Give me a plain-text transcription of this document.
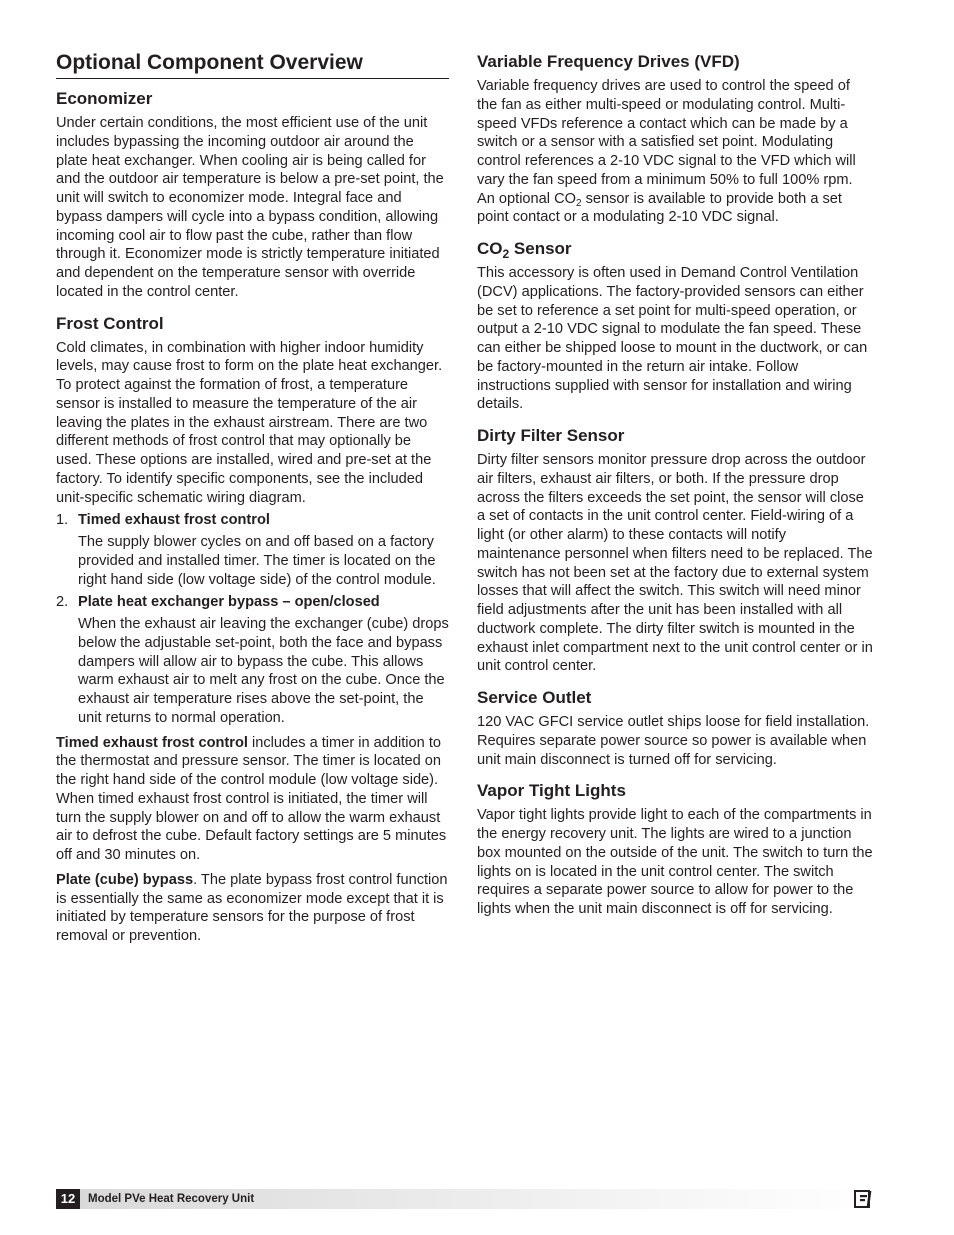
Optional Component Overview
Economizer

Under certain conditions, the most efficient use of the unit includes bypassing the incoming outdoor air around the plate heat exchanger. When cooling air is being called for and the outdoor air temperature is below a pre-set point, the unit will switch to economizer mode. Integral face and bypass dampers will cycle into a bypass condition, allowing incoming cool air to flow past the cube, rather than flow through it. Economizer mode is strictly temperature initiated and dependent on the temperature sensor with override located in the control center.

Frost Control

Cold climates, in combination with higher indoor humidity levels, may cause frost to form on the plate heat exchanger. To protect against the formation of frost, a temperature sensor is installed to measure the temperature of the air leaving the plates in the exhaust airstream. There are two different methods of frost control that may optionally be used. These options are installed, wired and pre-set at the factory. To identify specific components, see the included unit-specific schematic wiring diagram.

1. Timed exhaust frost control

The supply blower cycles on and off based on a factory provided and installed timer. The timer is located on the right hand side (low voltage side) of the control module.

2. Plate heat exchanger bypass – open/closed

When the exhaust air leaving the exchanger (cube) drops below the adjustable set-point, both the face and bypass dampers will allow air to bypass the cube. This allows warm exhaust air to melt any frost on the cube. Once the exhaust air temperature rises above the set-point, the unit returns to normal operation.

Timed exhaust frost control includes a timer in addition to the thermostat and pressure sensor. The timer is located on the right hand side of the control module (low voltage side). When timed exhaust frost control is initiated, the timer will turn the supply blower on and off to allow the warm exhaust air to defrost the cube. Default factory settings are 5 minutes off and 30 minutes on.

Plate (cube) bypass. The plate bypass frost control function is essentially the same as economizer mode except that it is initiated by temperature sensors for the purpose of frost removal or prevention.

Variable Frequency Drives (VFD)

Variable frequency drives are used to control the speed of the fan as either multi-speed or modulating control. Multi-speed VFDs reference a contact which can be made by a switch or a sensor with a satisfied set point. Modulating control references a 2-10 VDC signal to the VFD which will vary the fan speed from a minimum 50% to full 100% rpm. An optional $CO_2$ sensor is available to provide both a set point contact or a modulating 2-10 VDC signal.

$CO_2$ Sensor

This accessory is often used in Demand Control Ventilation (DCV) applications. The factory-provided sensors can either be set to reference a set point for multi-speed operation, or output a 2-10 VDC signal to modulate the fan speed. These can either be shipped loose to mount in the ductwork, or can be factory-mounted in the return air intake. Follow instructions supplied with sensor for installation and wiring details.

Dirty Filter Sensor

Dirty filter sensors monitor pressure drop across the outdoor air filters, exhaust air filters, or both. If the pressure drop across the filters exceeds the set point, the sensor will close a set of contacts in the unit control center. Field-wiring of a light (or other alarm) to these contacts will notify maintenance personnel when filters need to be replaced. The switch has not been set at the factory due to external system losses that will affect the switch. This switch will need minor field adjustments after the unit has been installed with all ductwork complete. The dirty filter switch is mounted in the exhaust inlet compartment next to the unit control center or in unit control center.

Service Outlet

120 VAC GFCI service outlet ships loose for field installation. Requires separate power source so power is available when unit main disconnect is turned off for servicing.

Vapor Tight Lights

Vapor tight lights provide light to each of the compartments in the energy recovery unit. The lights are wired to a junction box mounted on the outside of the unit. The switch to turn the lights on is located in the unit control center. The switch requires a separate power source to allow for power to the lights when the unit main disconnect is off for servicing.

12	Model PVe Heat Recovery Unit
